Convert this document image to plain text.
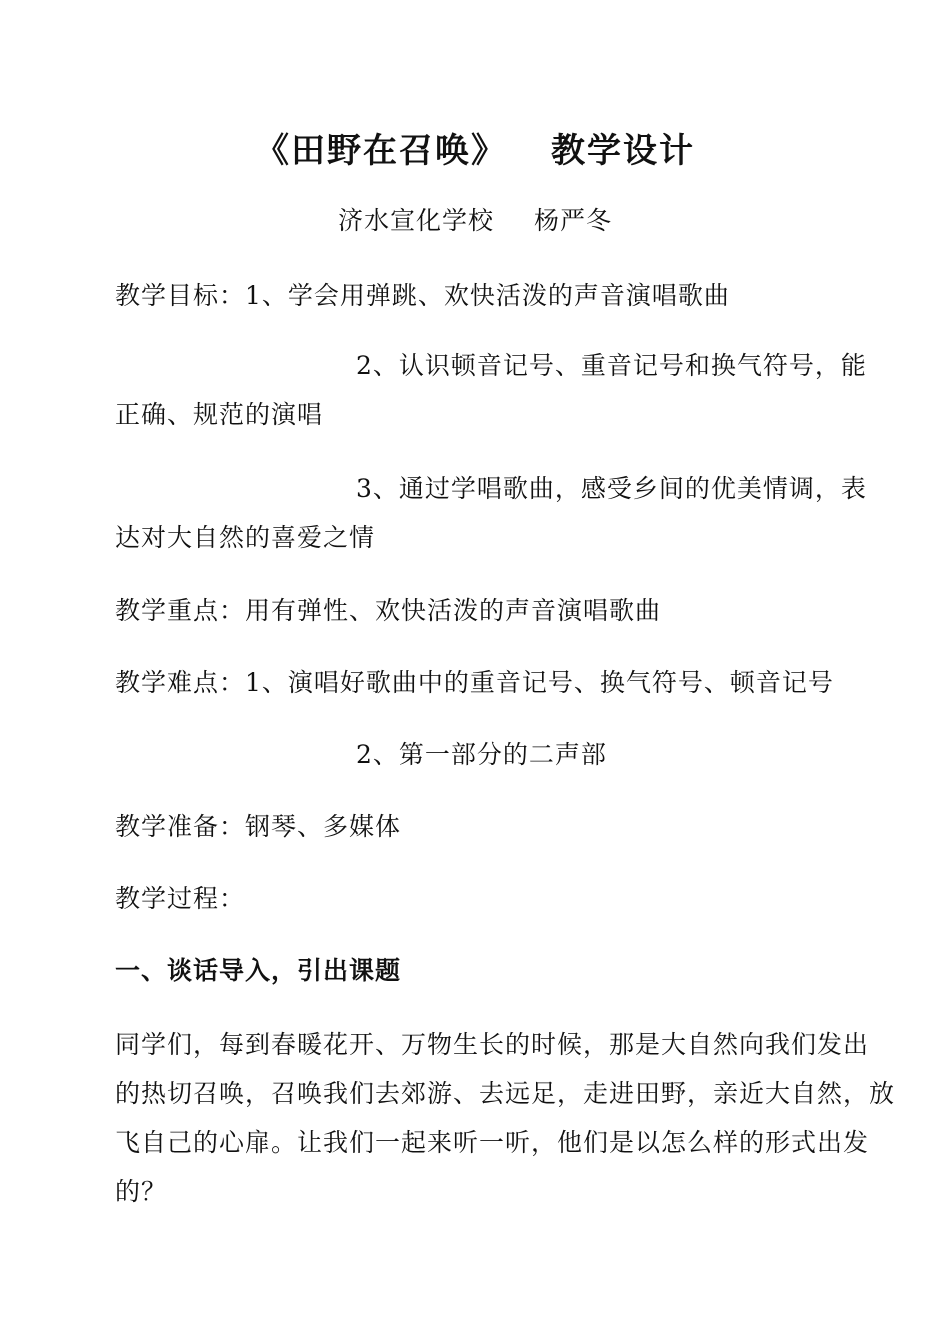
《田野在召唤》 教学设计
济水宣化学校 杨严冬
教学目标：1、学会用弹跳、欢快活泼的声音演唱歌曲
2、认识顿音记号、重音记号和换气符号，能
正确、规范的演唱
3、通过学唱歌曲，感受乡间的优美情调，表
达对大自然的喜爱之情
教学重点：用有弹性、欢快活泼的声音演唱歌曲
教学难点：1、演唱好歌曲中的重音记号、换气符号、顿音记号
2、第一部分的二声部
教学准备：钢琴、多媒体
教学过程：
一、谈话导入，引出课题
同学们，每到春暖花开、万物生长的时候，那是大自然向我们发出
的热切召唤，召唤我们去郊游、去远足，走进田野，亲近大自然，放
飞自己的心扉。让我们一起来听一听，他们是以怎么样的形式出发
的？
